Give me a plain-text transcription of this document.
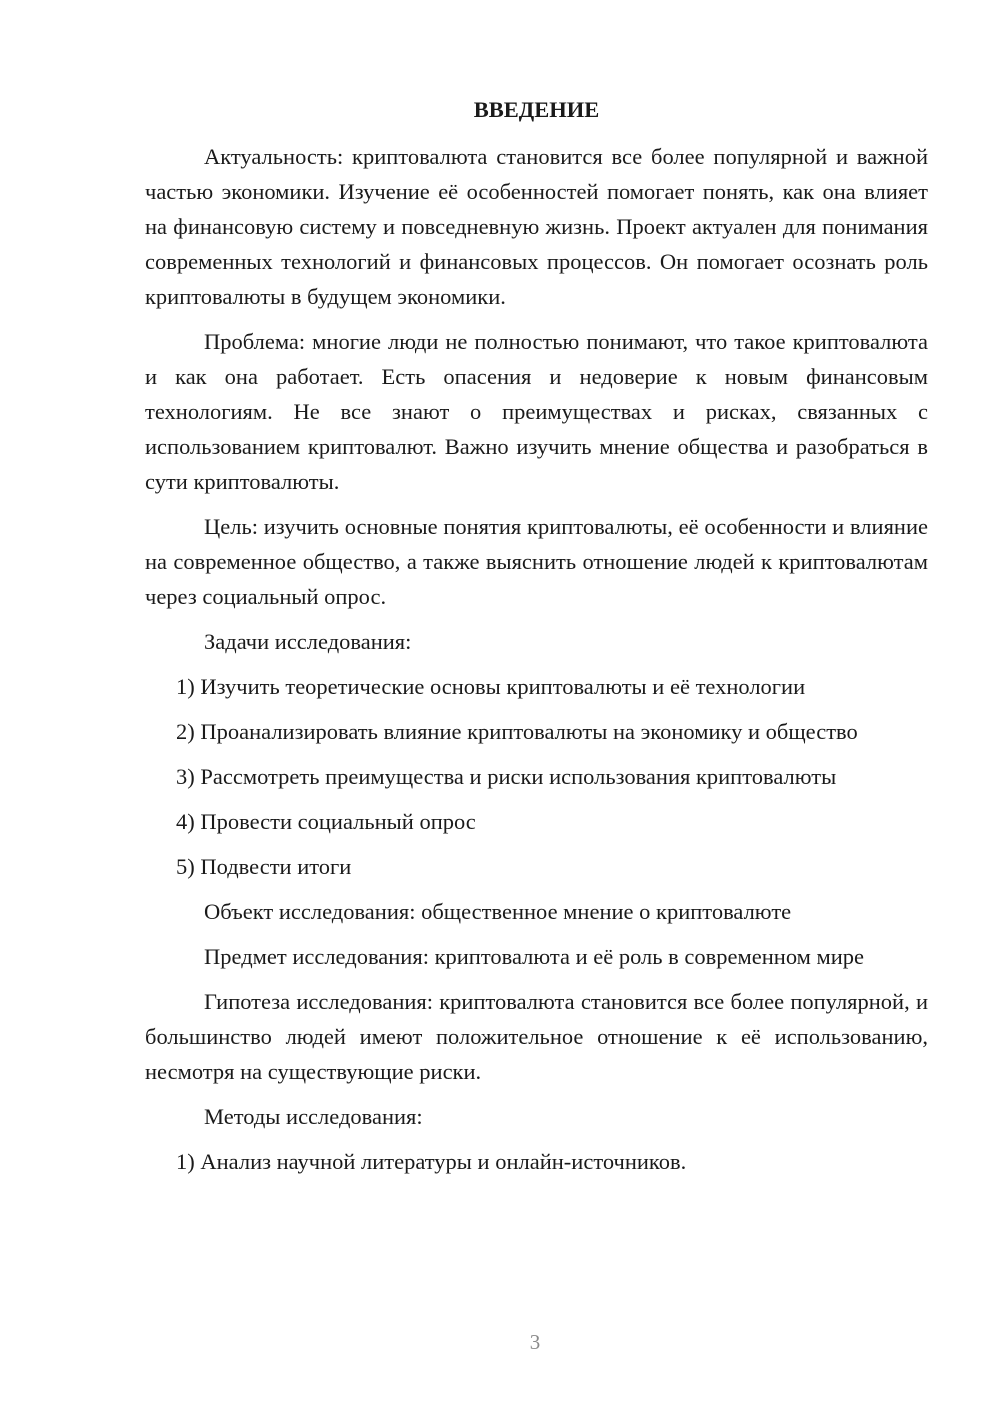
ВВЕДЕНИЕ

Актуальность: криптовалюта становится все более популярной и важной частью экономики. Изучение её особенностей помогает понять, как она влияет на финансовую систему и повседневную жизнь. Проект актуален для понимания современных технологий и финансовых процессов. Он помогает осознать роль криптовалюты в будущем экономики.

Проблема: многие люди не полностью понимают, что такое криптовалюта и как она работает. Есть опасения и недоверие к новым финансовым технологиям. Не все знают о преимуществах и рисках, связанных с использованием криптовалют. Важно изучить мнение общества и разобраться в сути криптовалюты.

Цель: изучить основные понятия криптовалюты, её особенности и влияние на современное общество, а также выяснить отношение людей к криптовалютам через социальный опрос.

Задачи исследования:

1) Изучить теоретические основы криптовалюты и её технологии

2) Проанализировать влияние криптовалюты на экономику и общество

3) Рассмотреть преимущества и риски использования криптовалюты

4) Провести социальный опрос

5) Подвести итоги

Объект исследования: общественное мнение о криптовалюте

Предмет исследования: криптовалюта и её роль в современном мире

Гипотеза исследования: криптовалюта становится все более популярной, и большинство людей имеют положительное отношение к её использованию, несмотря на существующие риски.

Методы исследования:

1) Анализ научной литературы и онлайн-источников.

3
